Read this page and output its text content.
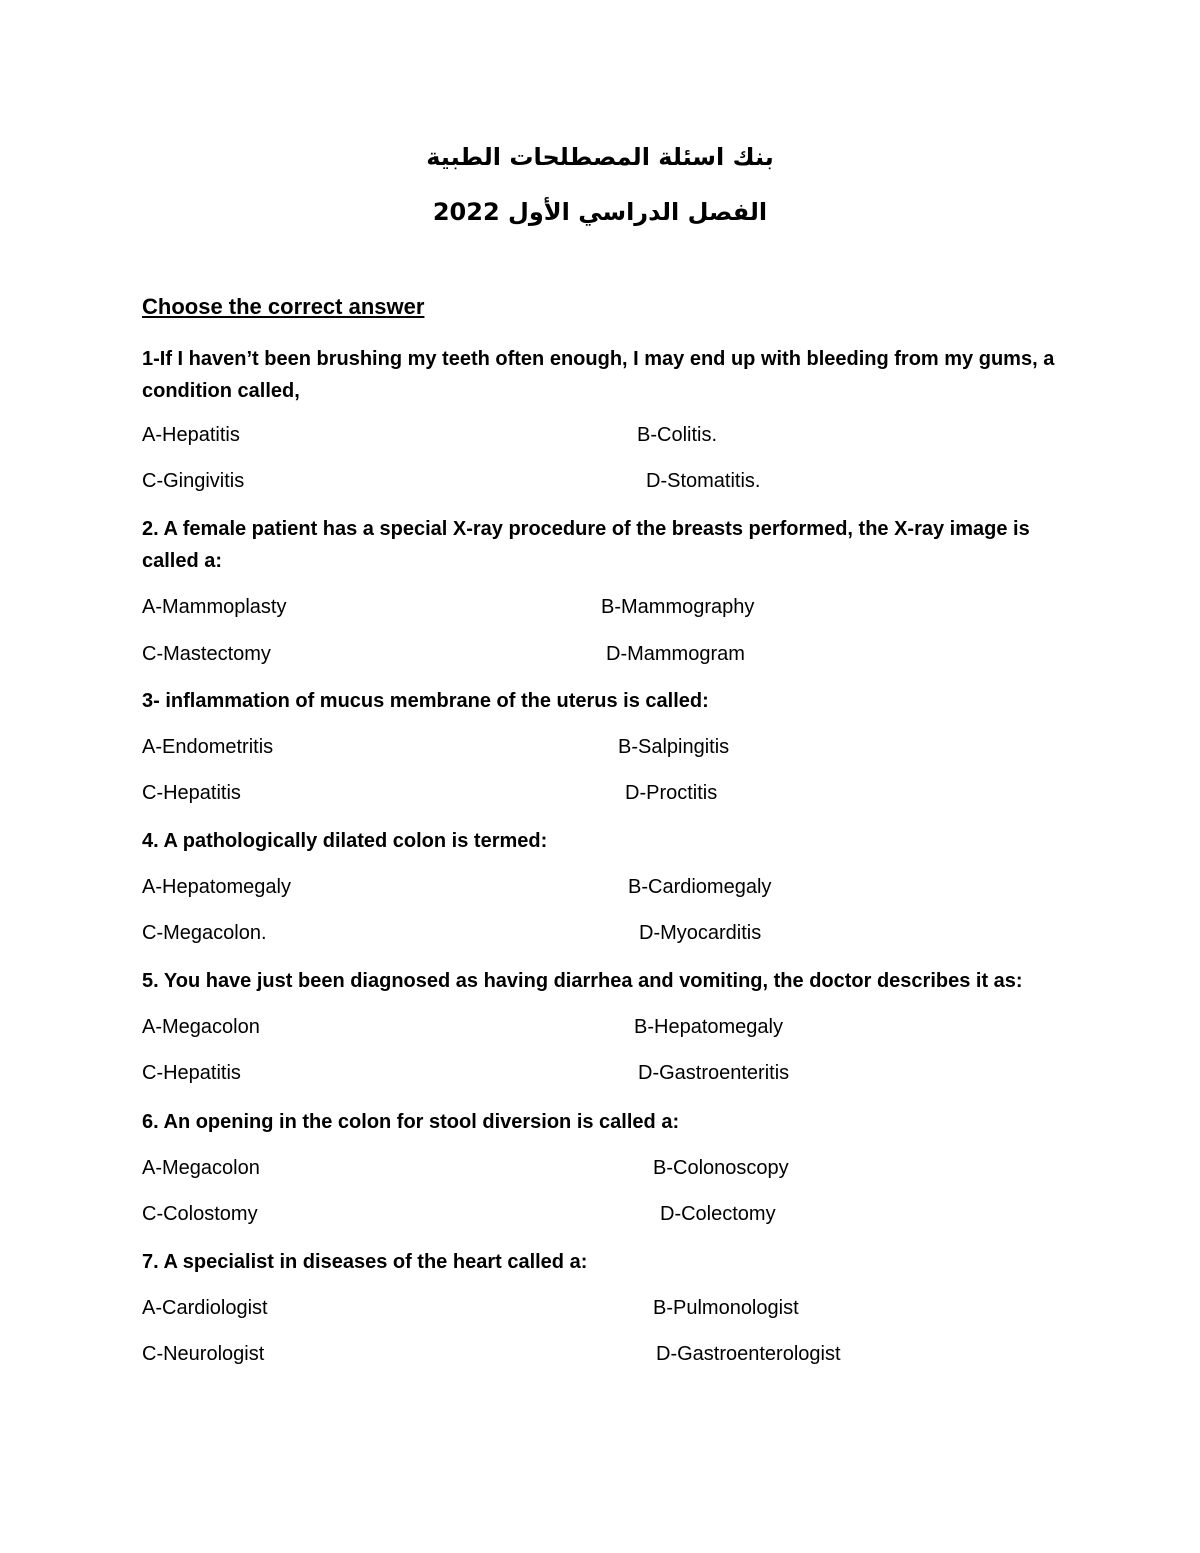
بنك اسئلة المصطلحات الطبية
الفصل الدراسي الأول 2022
Choose the correct answer
1-If I haven’t been brushing my teeth often enough, I may end up with bleeding from my gums, a condition called,
A-Hepatitis	B-Colitis.
C-Gingivitis	D-Stomatitis.
2. A female patient has a special X-ray procedure of the breasts performed, the X-ray image is called a:
A-Mammoplasty	B-Mammography
C-Mastectomy	D-Mammogram
3- inflammation of mucus membrane of the uterus is called:
A-Endometritis	B-Salpingitis
C-Hepatitis	D-Proctitis
4. A pathologically dilated colon is termed:
A-Hepatomegaly	B-Cardiomegaly
C-Megacolon.	D-Myocarditis
5. You have just been diagnosed as having diarrhea and vomiting, the doctor describes it as:
A-Megacolon	B-Hepatomegaly
C-Hepatitis	D-Gastroenteritis
6. An opening in the colon for stool diversion is called a:
A-Megacolon	B-Colonoscopy
C-Colostomy	D-Colectomy
7. A specialist in diseases of the heart called a:
A-Cardiologist	B-Pulmonologist
C-Neurologist	D-Gastroenterologist
